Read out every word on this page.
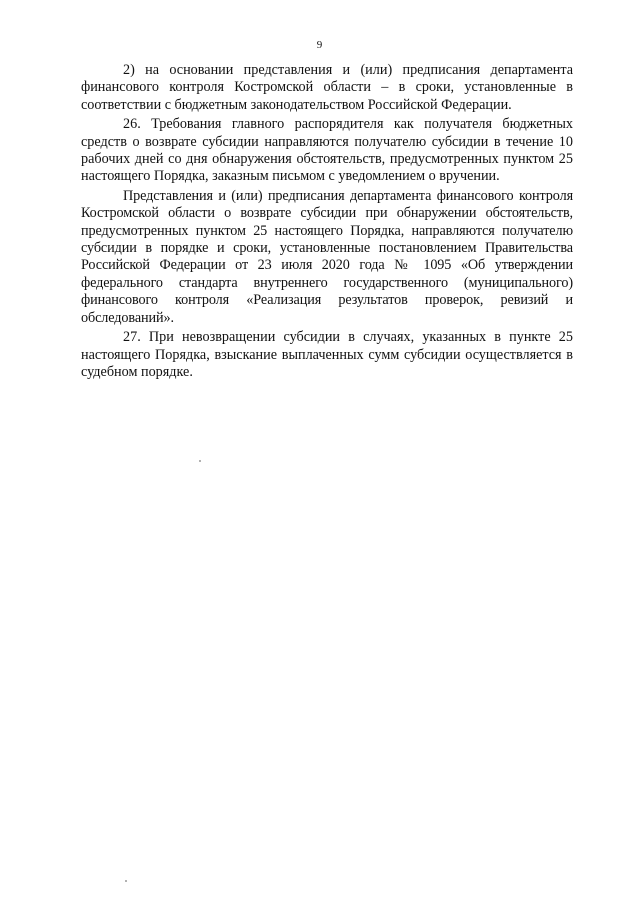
9

2) на основании представления и (или) предписания департамента финансового контроля Костромской области – в сроки, установленные в соответствии с бюджетным законодательством Российской Федерации.

26. Требования главного распорядителя как получателя бюджетных средств о возврате субсидии направляются получателю субсидии в течение 10 рабочих дней со дня обнаружения обстоятельств, предусмотренных пунктом 25 настоящего Порядка, заказным письмом с уведомлением о вручении.

Представления и (или) предписания департамента финансового контроля Костромской области о возврате субсидии при обнаружении обстоятельств, предусмотренных пунктом 25 настоящего Порядка, направляются получателю субсидии в порядке и сроки, установленные постановлением Правительства Российской Федерации от 23 июля 2020 года № 1095 «Об утверждении федерального стандарта внутреннего государственного (муниципального) финансового контроля «Реализация результатов проверок, ревизий и обследований».

27. При невозвращении субсидии в случаях, указанных в пункте 25 настоящего Порядка, взыскание выплаченных сумм субсидии осуществляется в судебном порядке.
